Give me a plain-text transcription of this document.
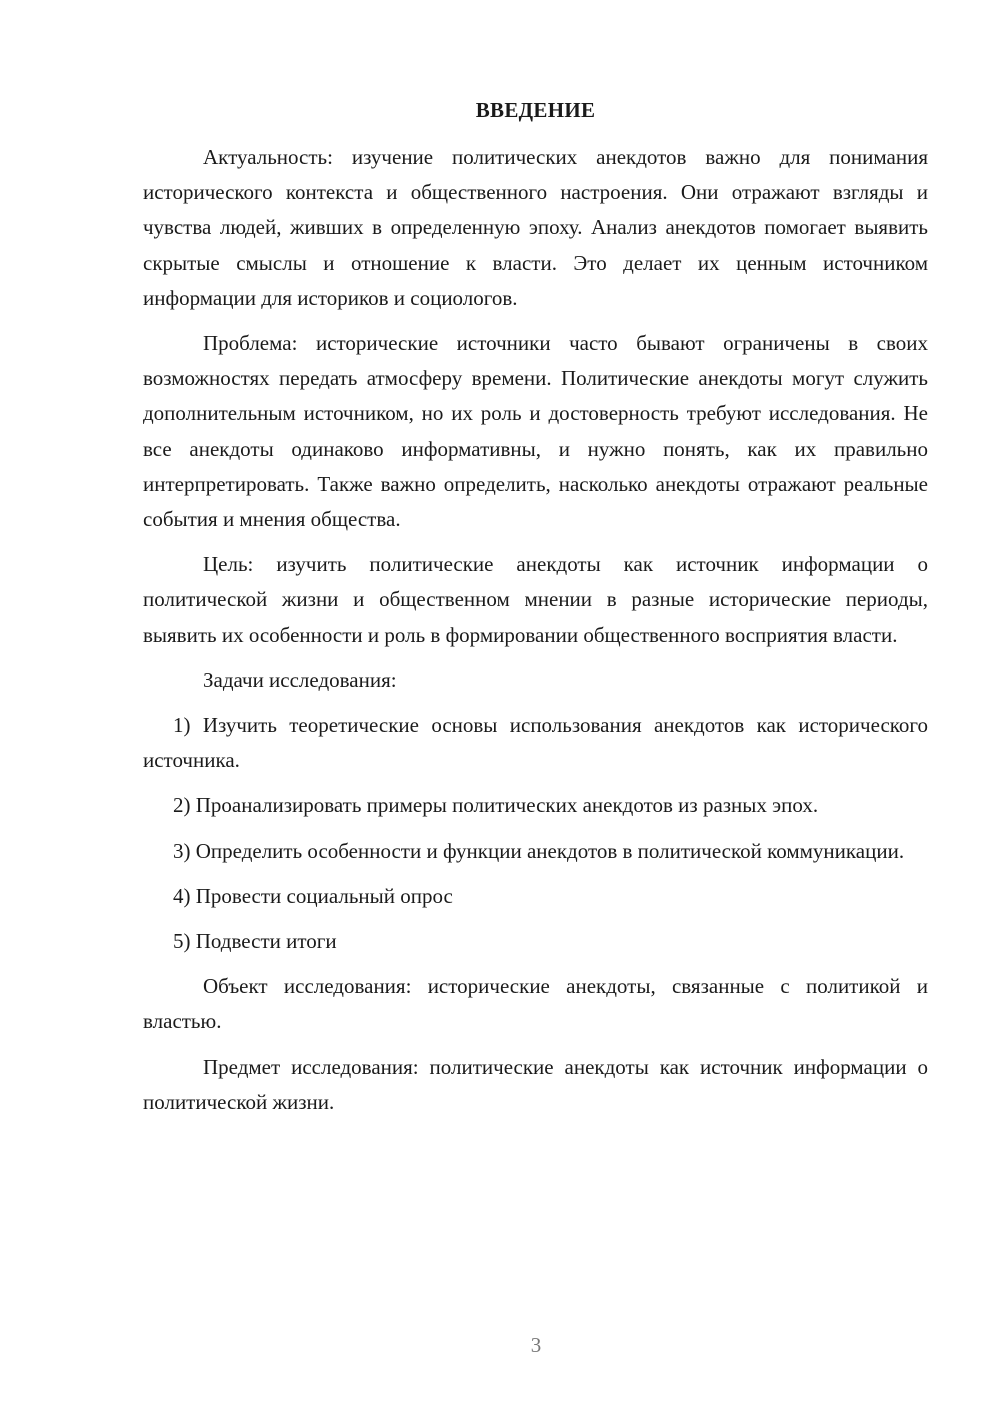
ВВЕДЕНИЕ

Актуальность: изучение политических анекдотов важно для понимания исторического контекста и общественного настроения. Они отражают взгляды и чувства людей, живших в определенную эпоху. Анализ анекдотов помогает выявить скрытые смыслы и отношение к власти. Это делает их ценным источником информации для историков и социологов.

Проблема: исторические источники часто бывают ограничены в своих возможностях передать атмосферу времени. Политические анекдоты могут служить дополнительным источником, но их роль и достоверность требуют исследования. Не все анекдоты одинаково информативны, и нужно понять, как их правильно интерпретировать. Также важно определить, насколько анекдоты отражают реальные события и мнения общества.

Цель: изучить политические анекдоты как источник информации о политической жизни и общественном мнении в разные исторические периоды, выявить их особенности и роль в формировании общественного восприятия власти.

Задачи исследования:

1) Изучить теоретические основы использования анекдотов как исторического источника.

2) Проанализировать примеры политических анекдотов из разных эпох.

3) Определить особенности и функции анекдотов в политической коммуникации.

4) Провести социальный опрос

5) Подвести итоги

Объект исследования: исторические анекдоты, связанные с политикой и властью.

Предмет исследования: политические анекдоты как источник информации о политической жизни.

3
